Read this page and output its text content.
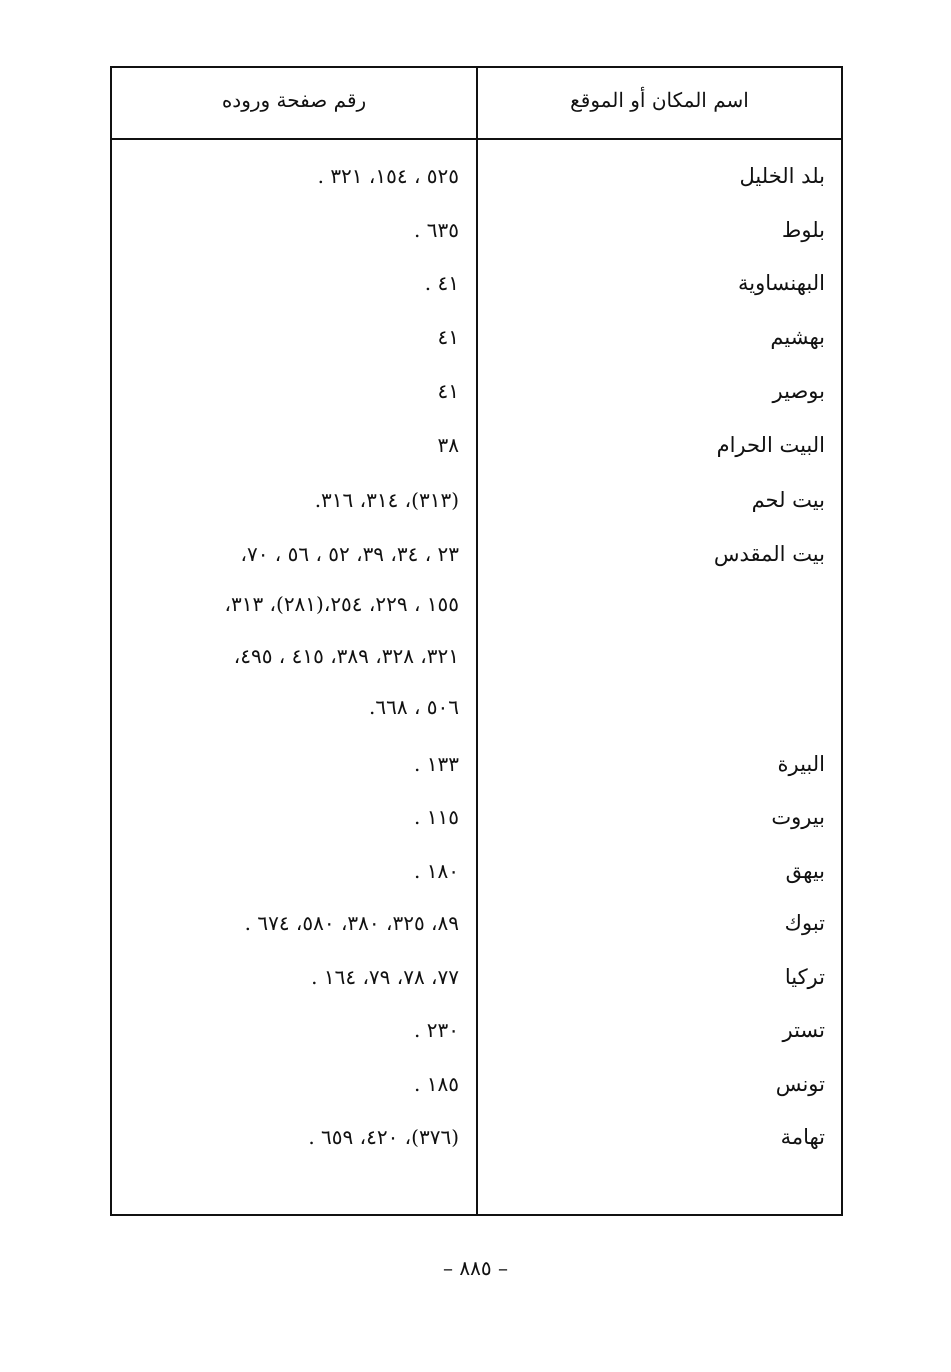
اسم المكان أو الموقع
رقم صفحة وروده
بلد الخليل
٥٢٥ ، ١٥٤، ٣٢١ .
بلوط
٦٣٥ .
البهنساوية
٤١ .
بهشيم
٤١
بوصير
٤١
البيت الحرام
٣٨
بيت لحم
(٣١٣)، ٣١٤، ٣١٦.
بيت المقدس
٢٣ ، ٣٤، ٣٩، ٥٢ ، ٥٦ ، ٧٠،
١٥٥ ، ٢٢٩، ٢٥٤،(٢٨١)، ٣١٣،
٣٢١، ٣٢٨، ٣٨٩، ٤١٥ ، ٤٩٥،
٥٠٦ ، ٦٦٨.
البيرة
١٣٣ .
بيروت
١١٥ .
بيهق
١٨٠ .
تبوك
٨٩، ٣٢٥، ٣٨٠، ٥٨٠، ٦٧٤ .
تركيا
٧٧، ٧٨، ٧٩، ١٦٤ .
تستر
٢٣٠ .
تونس
١٨٥ .
تهامة
(٣٧٦)، ٤٢٠، ٦٥٩ .
– ٨٨٥ –
